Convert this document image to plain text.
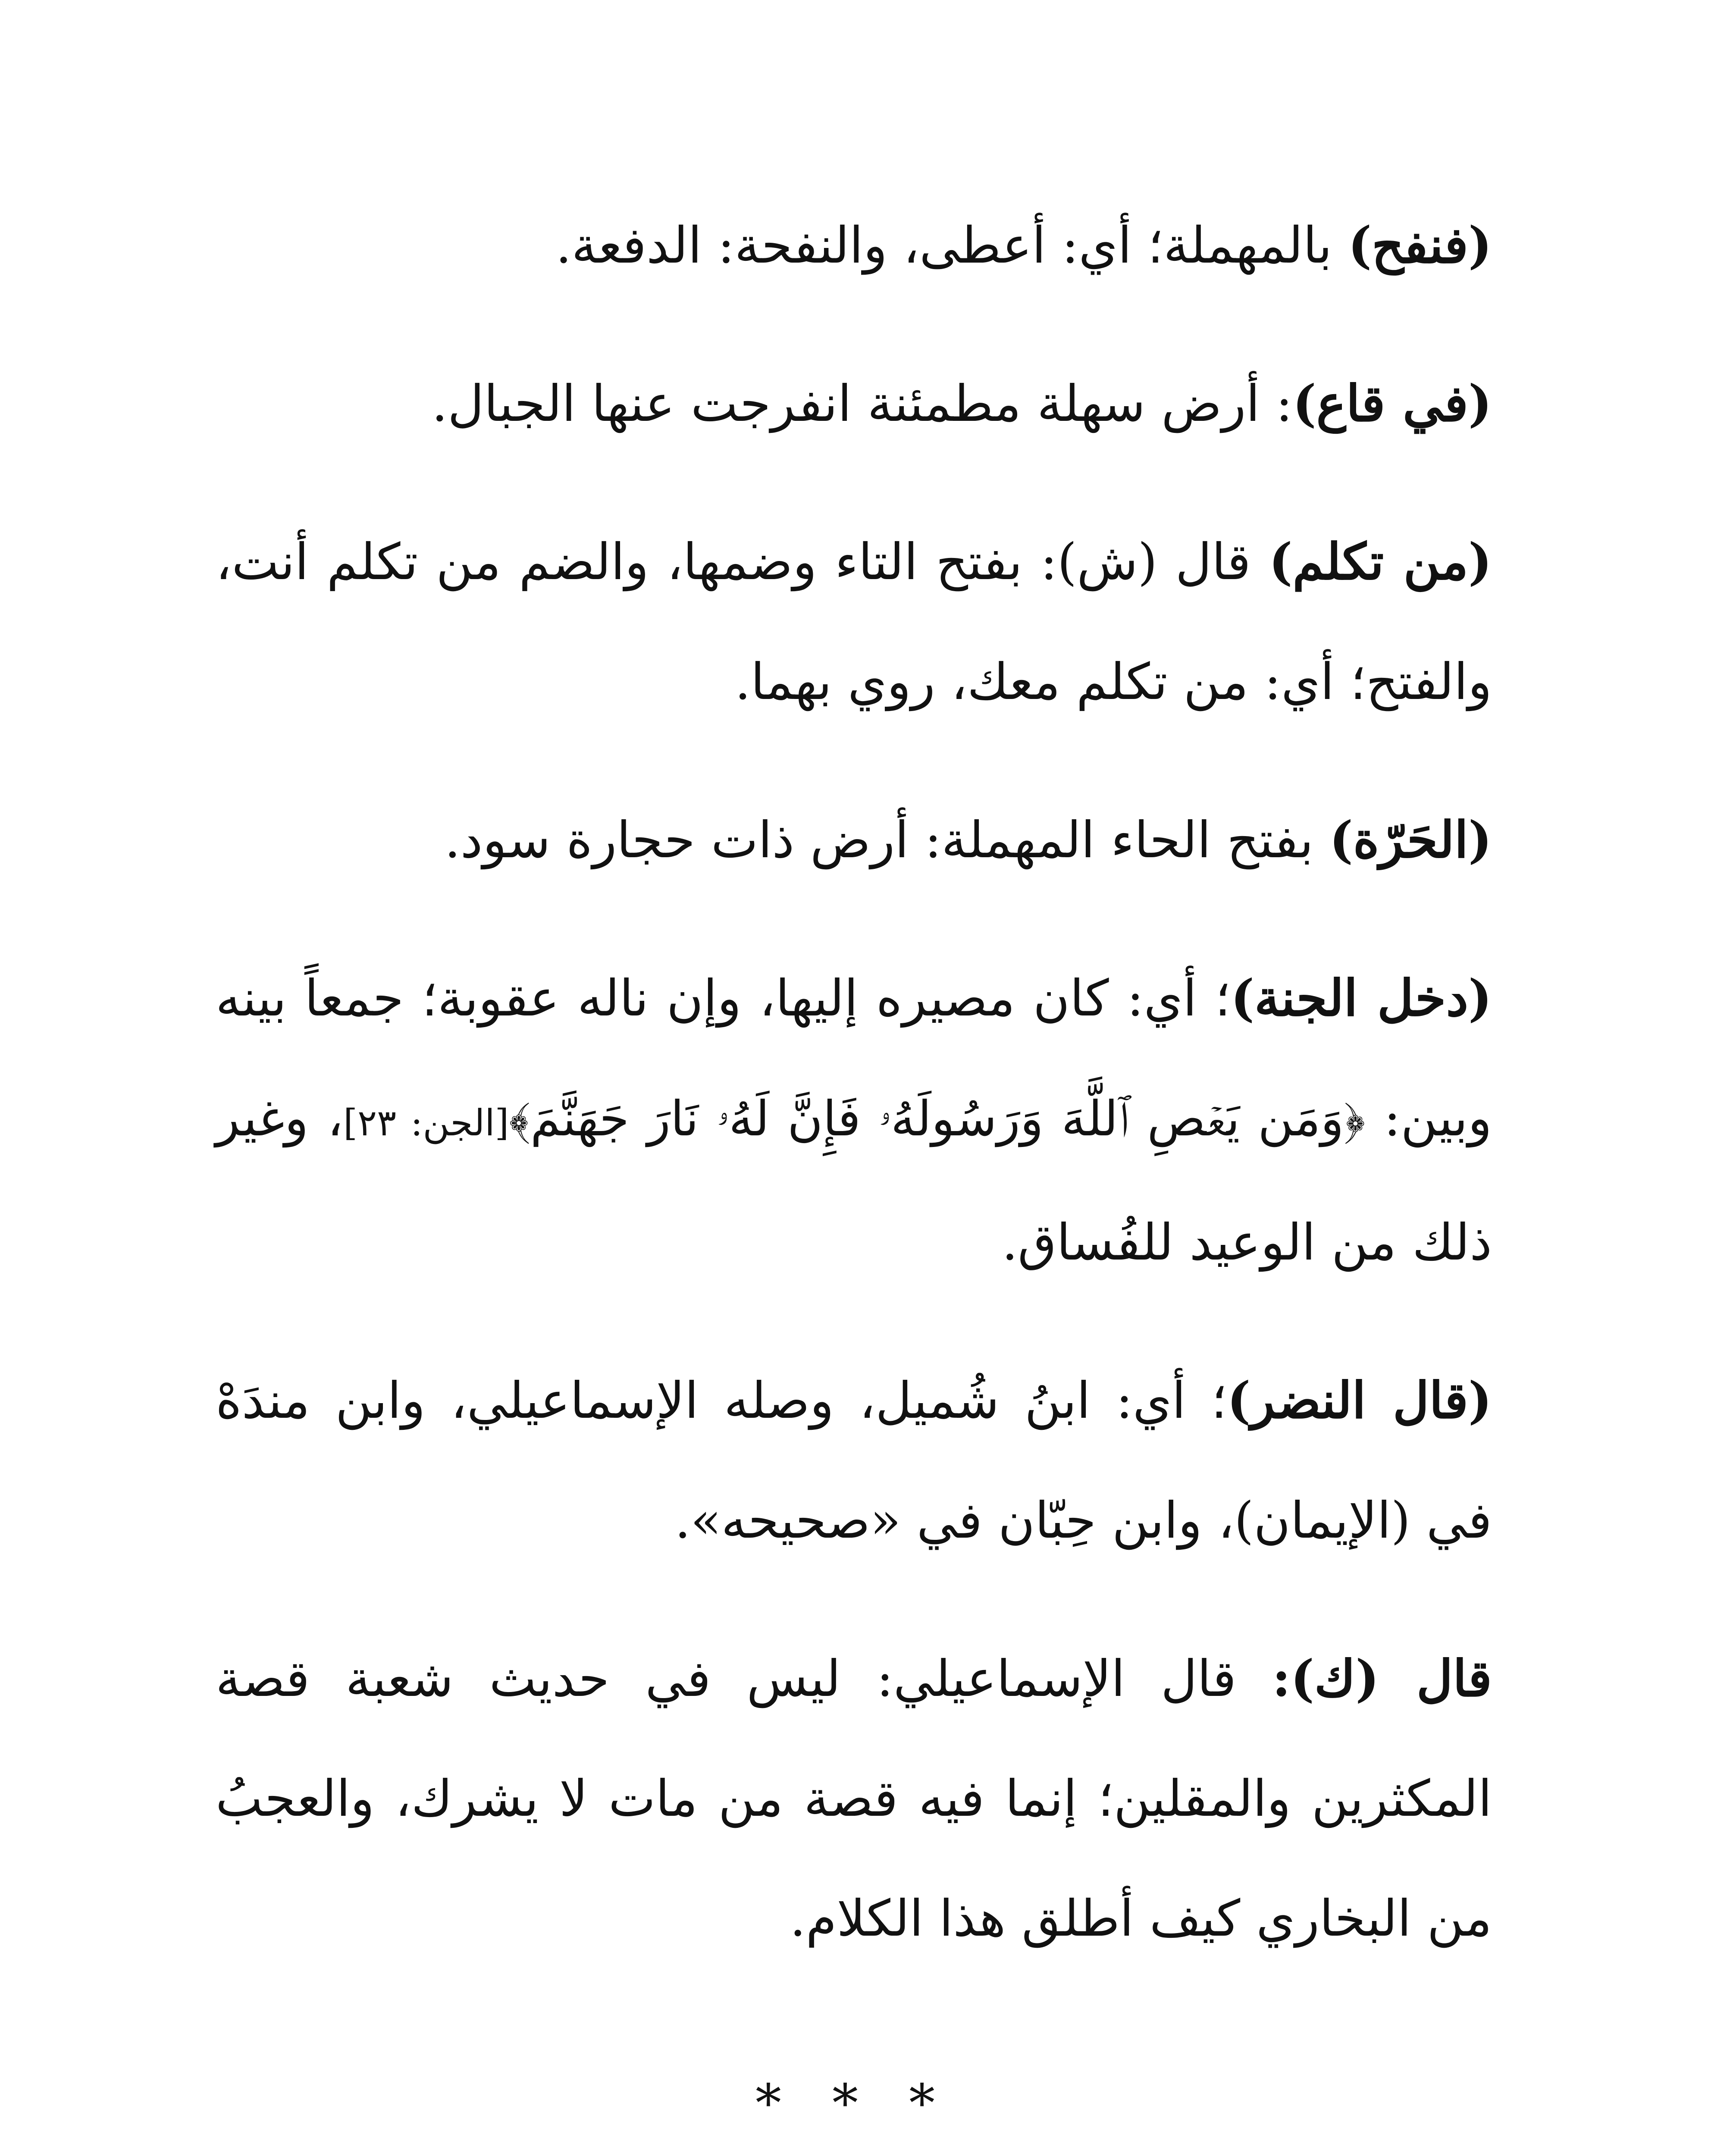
(فنفح) بالمهملة؛ أي: أعطى، والنفحة: الدفعة.

(في قاع): أرض سهلة مطمئنة انفرجت عنها الجبال.

(من تكلم) قال (ش): بفتح التاء وضمها، والضم من تكلم أنت، والفتح؛ أي: من تكلم معك، روي بهما.

(الحَرّة) بفتح الحاء المهملة: أرض ذات حجارة سود.

(دخل الجنة)؛ أي: كان مصيره إليها، وإن ناله عقوبة؛ جمعاً بينه وبين: ﴿وَمَن يَعۡصِ ٱللَّهَ وَرَسُولَهُۥ فَإِنَّ لَهُۥ نَارَ جَهَنَّمَ﴾[الجن: ٢٣]، وغير ذلك من الوعيد للفُساق.

(قال النضر)؛ أي: ابنُ شُميل، وصله الإسماعيلي، وابن مندَهْ في (الإيمان)، وابن حِبّان في «صحيحه».

قال (ك): قال الإسماعيلي: ليس في حديث شعبة قصة المكثرين والمقلين؛ إنما فيه قصة من مات لا يشرك، والعجبُ من البخاري كيف أطلق هذا الكلام.

* * *
